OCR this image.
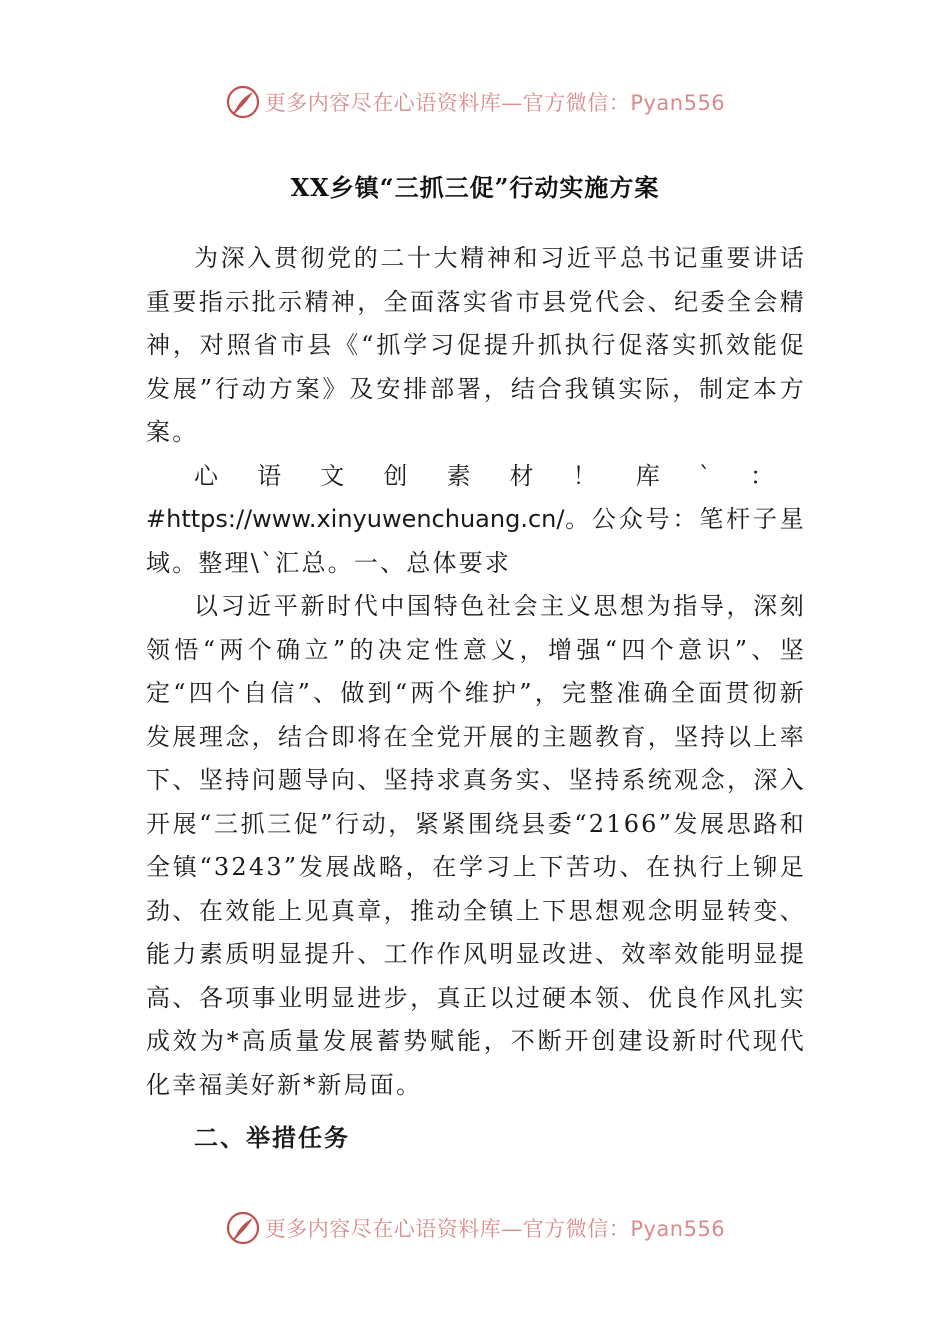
更多内容尽在心语资料库—官方微信：Pyan556
XX乡镇“三抓三促”行动实施方案

为深入贯彻党的二十大精神和习近平总书记重要讲话重要指示批示精神，全面落实省市县党代会、纪委全会精神，对照省市县《“抓学习促提升抓执行促落实抓效能促发展”行动方案》及安排部署，结合我镇实际，制定本方案。

心语文创素材！库`：#https://www.xinyuwenchuang.cn/。公众号：笔杆子星域。整理\`汇总。一、总体要求

以习近平新时代中国特色社会主义思想为指导，深刻领悟“两个确立”的决定性意义，增强“四个意识”、坚定“四个自信”、做到“两个维护”，完整准确全面贯彻新发展理念，结合即将在全党开展的主题教育，坚持以上率下、坚持问题导向、坚持求真务实、坚持系统观念，深入开展“三抓三促”行动，紧紧围绕县委“2166”发展思路和全镇“3243”发展战略，在学习上下苦功、在执行上铆足劲、在效能上见真章，推动全镇上下思想观念明显转变、能力素质明显提升、工作作风明显改进、效率效能明显提高、各项事业明显进步，真正以过硬本领、优良作风扎实成效为*高质量发展蓄势赋能，不断开创建设新时代现代化幸福美好新*新局面。

二、举措任务

更多内容尽在心语资料库—官方微信：Pyan556
